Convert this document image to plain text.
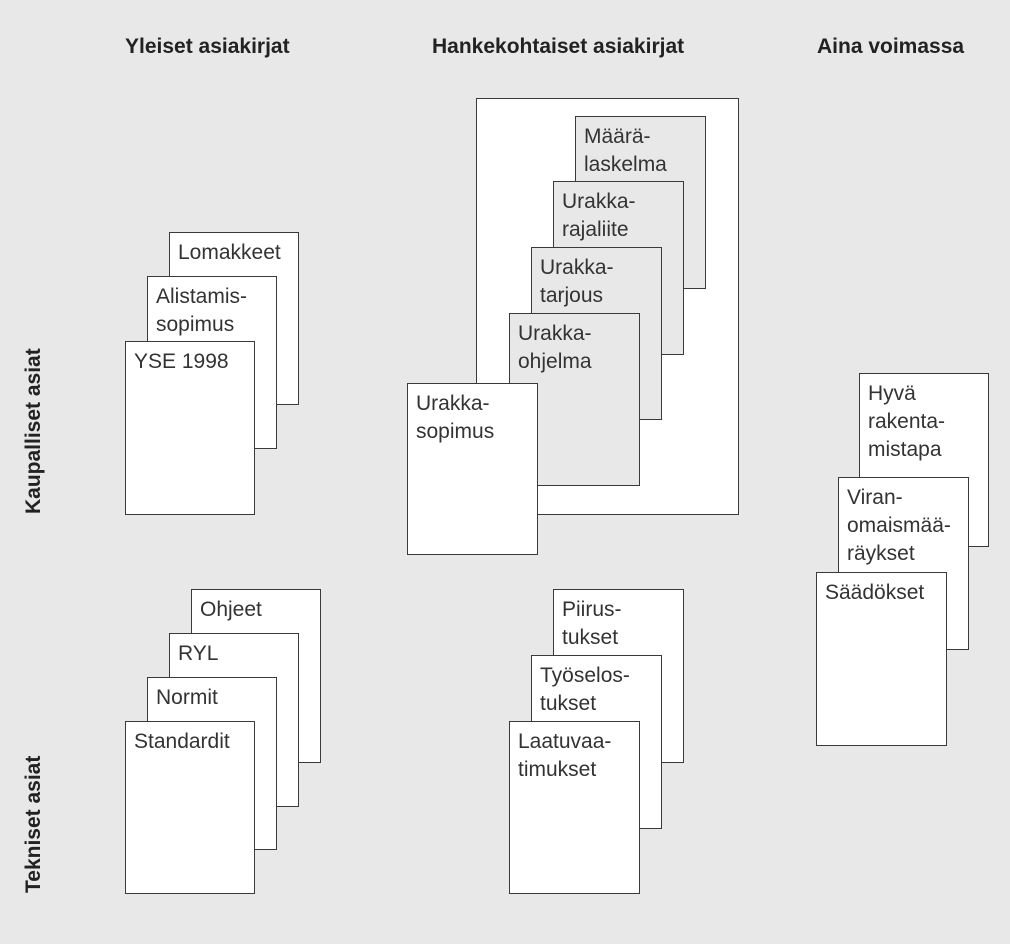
Yleiset asiakirjat	Hankekohtaiset asiakirjat	Aina voimassa
Kaupalliset asiat
Tekniset asiat
Lomakkeet
Alistamis-
sopimus
YSE 1998
Määrä-
laskelma
Urakka-
rajaliite
Urakka-
tarjous
Urakka-
ohjelma
Urakka-
sopimus
Ohjeet
RYL
Normit
Standardit
Piirus-
tukset
Työselos-
tukset
Laatuvaa-
timukset
Hyvä
rakenta-
mistapa
Viran-
omaismää-
räykset
Säädökset
